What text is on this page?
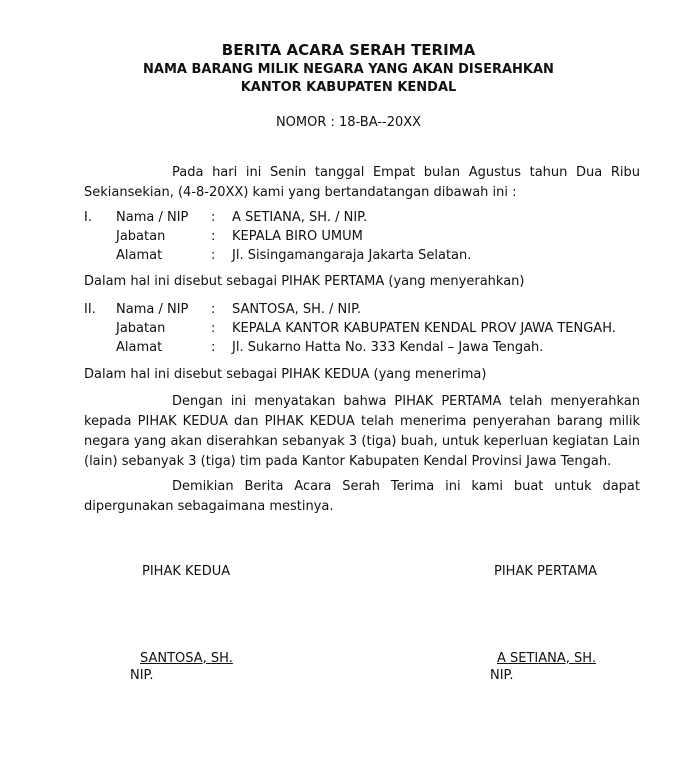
BERITA ACARA SERAH TERIMA
NAMA BARANG MILIK NEGARA YANG AKAN DISERAHKAN
KANTOR KABUPATEN KENDAL
NOMOR : 18-BA--20XX
Pada hari ini Senin tanggal Empat bulan Agustus tahun Dua Ribu Sekiansekian, (4-8-20XX) kami yang bertandatangan dibawah ini :
I. Nama / NIP : A SETIANA, SH. / NIP.
Jabatan	: KEPALA BIRO UMUM
Alamat	: Jl. Sisingamangaraja Jakarta Selatan.
Dalam hal ini disebut sebagai PIHAK PERTAMA (yang menyerahkan)
II. Nama / NIP : SANTOSA, SH. / NIP.
Jabatan	: KEPALA KANTOR KABUPATEN KENDAL PROV JAWA TENGAH.
Alamat	: Jl. Sukarno Hatta No. 333 Kendal – Jawa Tengah.
Dalam hal ini disebut sebagai PIHAK KEDUA (yang menerima)
Dengan ini menyatakan bahwa PIHAK PERTAMA telah menyerahkan kepada PIHAK KEDUA dan PIHAK KEDUA telah menerima penyerahan barang milik negara yang akan diserahkan sebanyak 3 (tiga) buah, untuk keperluan kegiatan Lain (lain) sebanyak 3 (tiga) tim pada Kantor Kabupaten Kendal Provinsi Jawa Tengah.
Demikian Berita Acara Serah Terima ini kami buat untuk dapat dipergunakan sebagaimana mestinya.
PIHAK KEDUA	PIHAK PERTAMA
SANTOSA, SH.	A SETIANA, SH.
NIP.	NIP.
